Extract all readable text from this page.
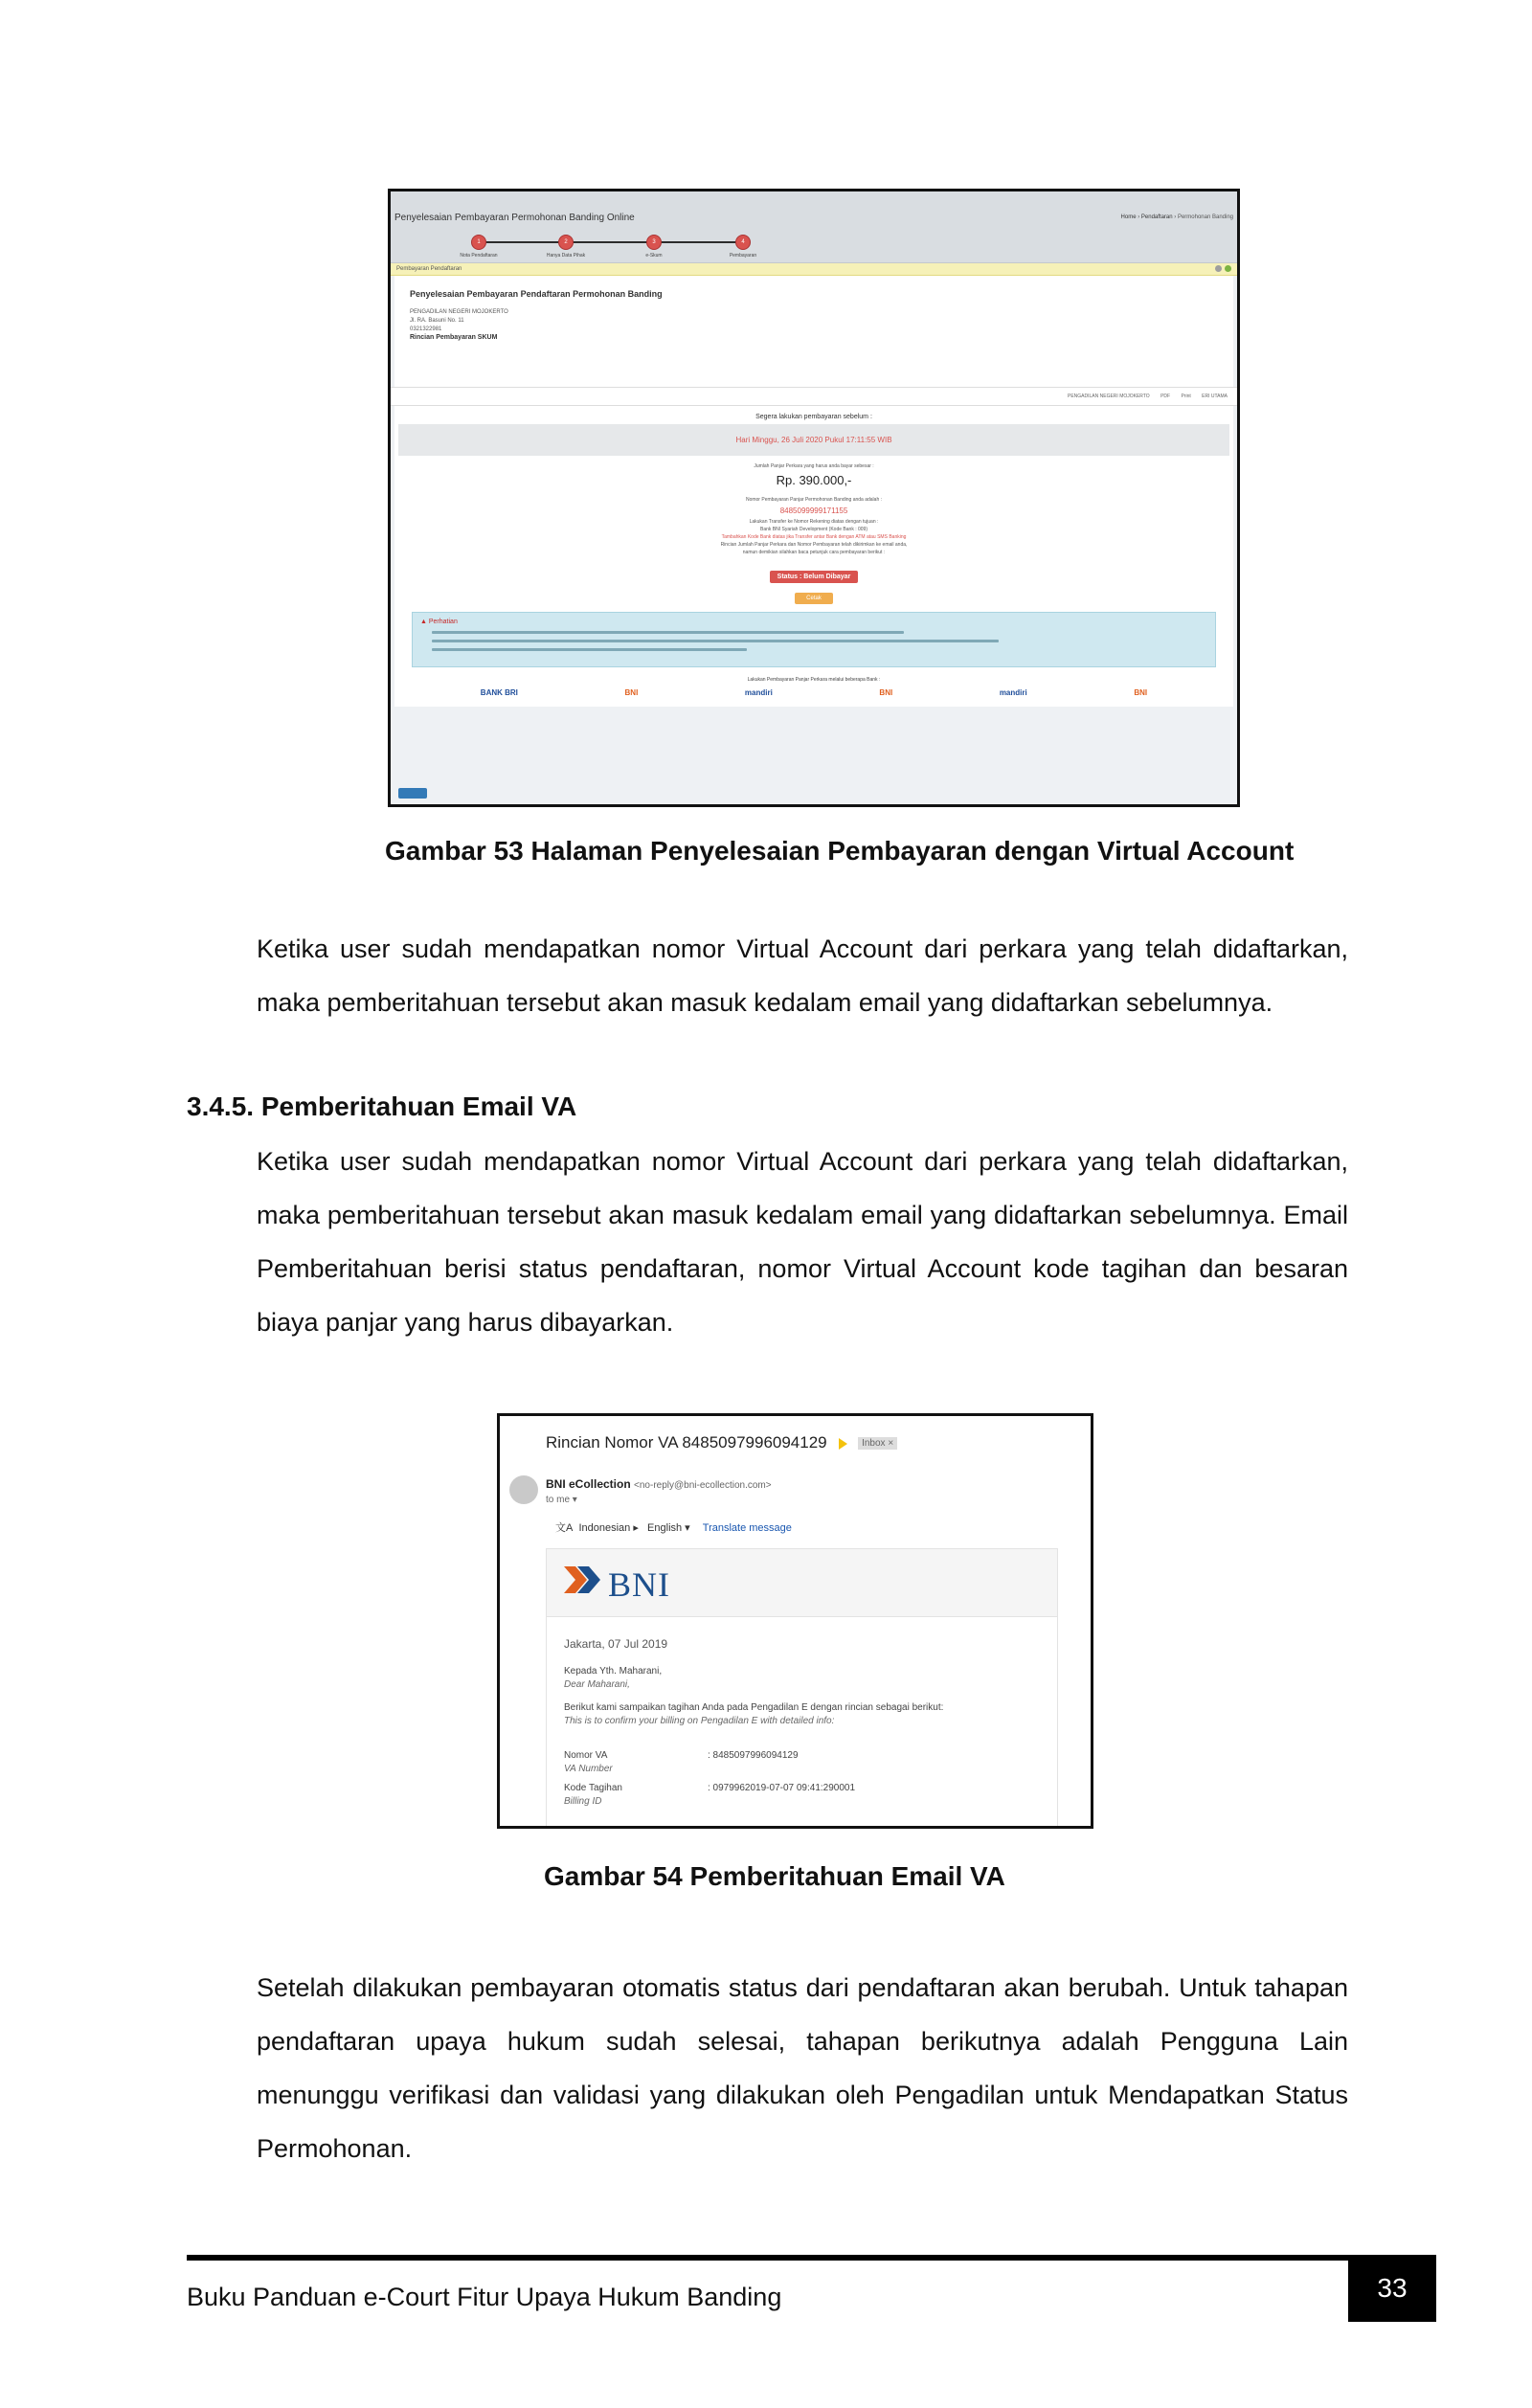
Penyelesaian Pembayaran Permohonan Banding Online	Home › Pendaftaran › Permohonan Banding
1
Nota Pendaftaran
2
Hanya Data Pihak
3
e-Skum
4
Pembayaran
Pembayaran Pendaftaran
Penyelesaian Pembayaran Pendaftaran Permohonan Banding
PENGADILAN NEGERI MOJOKERTO
Jl. RA. Basuni No. 11
0321322981
Rincian Pembayaran SKUM
PENGADILAN NEGERI MOJOKERTO PDF Print ERI UTAMA
Segera lakukan pembayaran sebelum :
Hari Minggu, 26 Juli 2020 Pukul 17:11:55 WIB
Jumlah Panjar Perkara yang harus anda bayar sebesar :
Rp. 390.000,-
Nomor Pembayaran Panjar Permohonan Banding anda adalah :
8485099999171155
Lakukan Transfer ke Nomor Rekening diatas dengan tujuan :
Bank BNI Syariah Development (Kode Bank : 009)
Tambahkan Kode Bank diatas jika Transfer antar Bank dengan ATM atau SMS Banking
Rincian Jumlah Panjar Perkara dan Nomor Pembayaran telah dikirimkan ke email anda,
namun demikian silahkan baca petunjuk cara pembayaran berikut :
Status : Belum Dibayar
Cetak
▲ Perhatian
Lakukan Pembayaran Panjar Perkara melalui beberapa Bank :
BANK BRI	BNI	mandiri	BNI	mandiri	BNI
Gambar 53 Halaman Penyelesaian Pembayaran dengan Virtual Account
Ketika user sudah mendapatkan nomor Virtual Account dari perkara yang telah didaftarkan, maka pemberitahuan tersebut akan masuk kedalam email yang didaftarkan sebelumnya.
3.4.5. Pemberitahuan Email VA
Ketika user sudah mendapatkan nomor Virtual Account dari perkara yang telah didaftarkan, maka pemberitahuan tersebut akan masuk kedalam email yang didaftarkan sebelumnya. Email Pemberitahuan berisi status pendaftaran, nomor Virtual Account kode tagihan dan besaran biaya panjar yang harus dibayarkan.
Rincian Nomor VA 8485097996094129	Inbox ×
BNI eCollection <no-reply@bni-ecollection.com>
to me ▾
文A Indonesian ▸ English ▾ Translate message
BNI
Jakarta, 07 Jul 2019
Kepada Yth. Maharani,
Dear Maharani,
Berikut kami sampaikan tagihan Anda pada Pengadilan E dengan rincian sebagai berikut:
This is to confirm your billing on Pengadilan E with detailed info:
Nomor VA	: 8485097996094129
VA Number
Kode Tagihan	: 0979962019-07-07 09:41:290001
Billing ID
Gambar 54 Pemberitahuan Email VA
Setelah dilakukan pembayaran otomatis status dari pendaftaran akan berubah. Untuk tahapan pendaftaran upaya hukum sudah selesai, tahapan berikutnya adalah Pengguna Lain menunggu verifikasi dan validasi yang dilakukan oleh Pengadilan untuk Mendapatkan Status Permohonan.
Buku Panduan e-Court Fitur Upaya Hukum Banding	33
